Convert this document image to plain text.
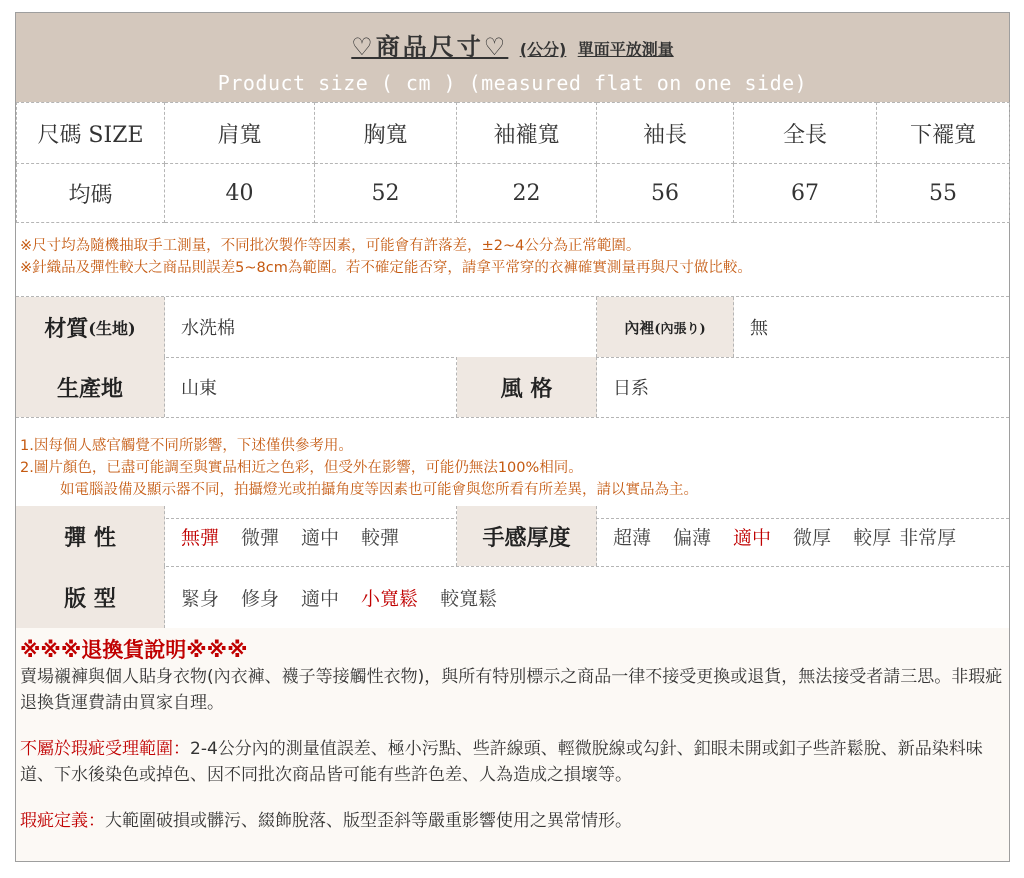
♡商品尺寸♡ (公分) 單面平放測量
Product size ( cm ) (measured flat on one side)
尺碼 SIZE	肩寬	胸寬	袖襱寬	袖長	全長	下襬寬
均碼	40	52	22	56	67	55
※尺寸均為隨機抽取手工測量，不同批次製作等因素，可能會有許落差，±2~4公分為正常範圍。
※針織品及彈性較大之商品則誤差5~8cm為範圍。若不確定能否穿，請拿平常穿的衣褲確實測量再與尺寸做比較。
材質 (生地)	水洗棉	內裡 (內張り)	無
生產地	山東	風 格	日系
1.因每個人感官觸覺不同所影響，下述僅供參考用。
2.圖片顏色，已盡可能調至與實品相近之色彩，但受外在影響，可能仍無法100%相同。
如電腦設備及顯示器不同，拍攝燈光或拍攝角度等因素也可能會與您所看有所差異，請以實品為主。
彈 性	無彈 微彈 適中 較彈	手感厚度	超薄 偏薄 適中 微厚 較厚 非常厚
版 型	緊身 修身 適中 小寬鬆 較寬鬆
※※※退換貨說明※※※

賣場襯褲與個人貼身衣物(內衣褲、襪子等接觸性衣物)，與所有特別標示之商品一律不接受更換或退貨，無法接受者請三思。非瑕疵退換貨運費請由買家自理。

不屬於瑕疵受理範圍：2-4公分內的測量值誤差、極小污點、些許線頭、輕微脫線或勾針、釦眼未開或釦子些許鬆脫、新品染料味道、下水後染色或掉色、因不同批次商品皆可能有些許色差、人為造成之損壞等。

瑕疵定義：大範圍破損或髒污、綴飾脫落、版型歪斜等嚴重影響使用之異常情形。
